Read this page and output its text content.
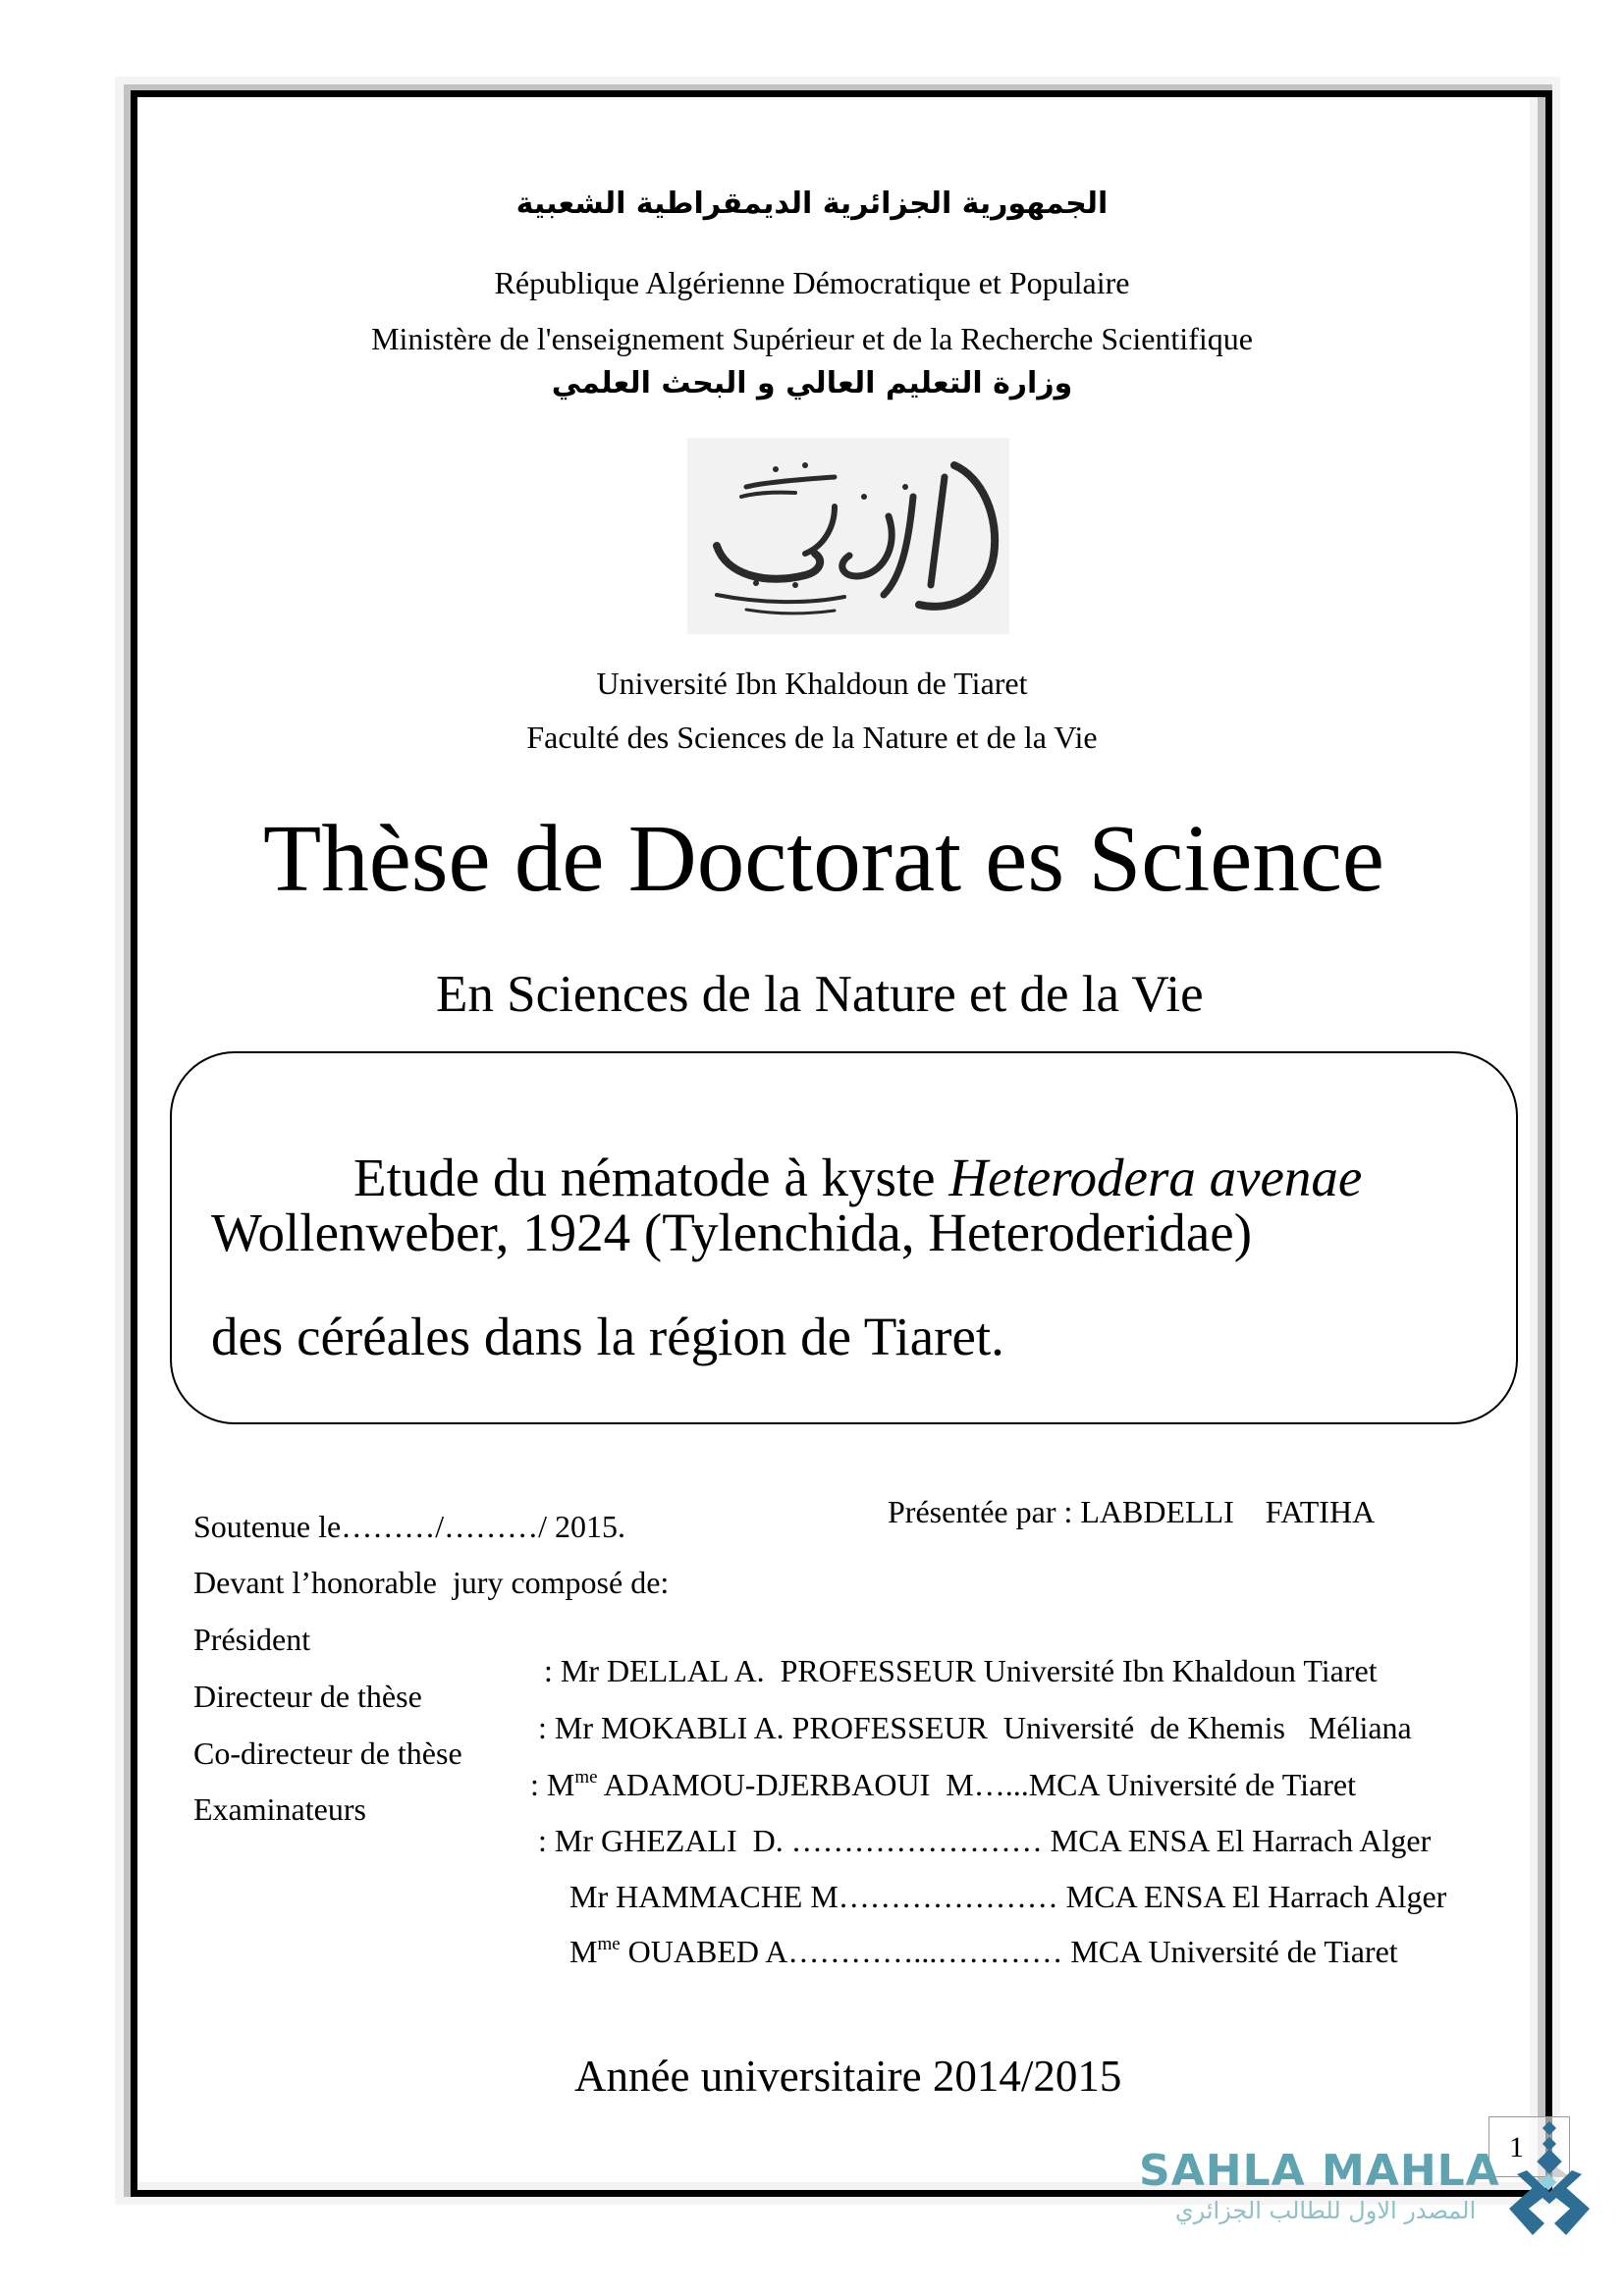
الجمهورية الجزائرية الديمقراطية الشعبية
République Algérienne Démocratique et Populaire
Ministère de l'enseignement Supérieur et de la Recherche Scientifique
وزارة التعليم العالي و البحث العلمي
Université Ibn Khaldoun de Tiaret
Faculté des Sciences de la Nature et de la Vie
Thèse de Doctorat es Science
En Sciences de la Nature et de la Vie

Etude du nématode à kyste Heterodera avenae

Wollenweber, 1924 (Tylenchida, Heteroderidae)
des céréales dans la région de Tiaret.

Présentée par : LABDELLI    FATIHA

Soutenue le………/………/ 2015.
Devant l’honorable  jury composé de:
Président

: Mr DELLAL A.  PROFESSEUR Université Ibn Khaldoun Tiaret

Directeur de thèse

: Mr MOKABLI A. PROFESSEUR  Université  de Khemis   Méliana

Co-directeur de thèse

: $M^{me}$ ADAMOU-DJERBAOUI  M…...MCA Université de Tiaret

Examinateurs

: Mr GHEZALI  D. …………………… MCA ENSA El Harrach Alger

Mr HAMMACHE M………………… MCA ENSA El Harrach Alger

$M^{me}$ OUABED A…………...………… MCA Université de Tiaret

Année universitaire 2014/2015
1
SAHLA MAHLA
المصدر الاول للطالب الجزائري
